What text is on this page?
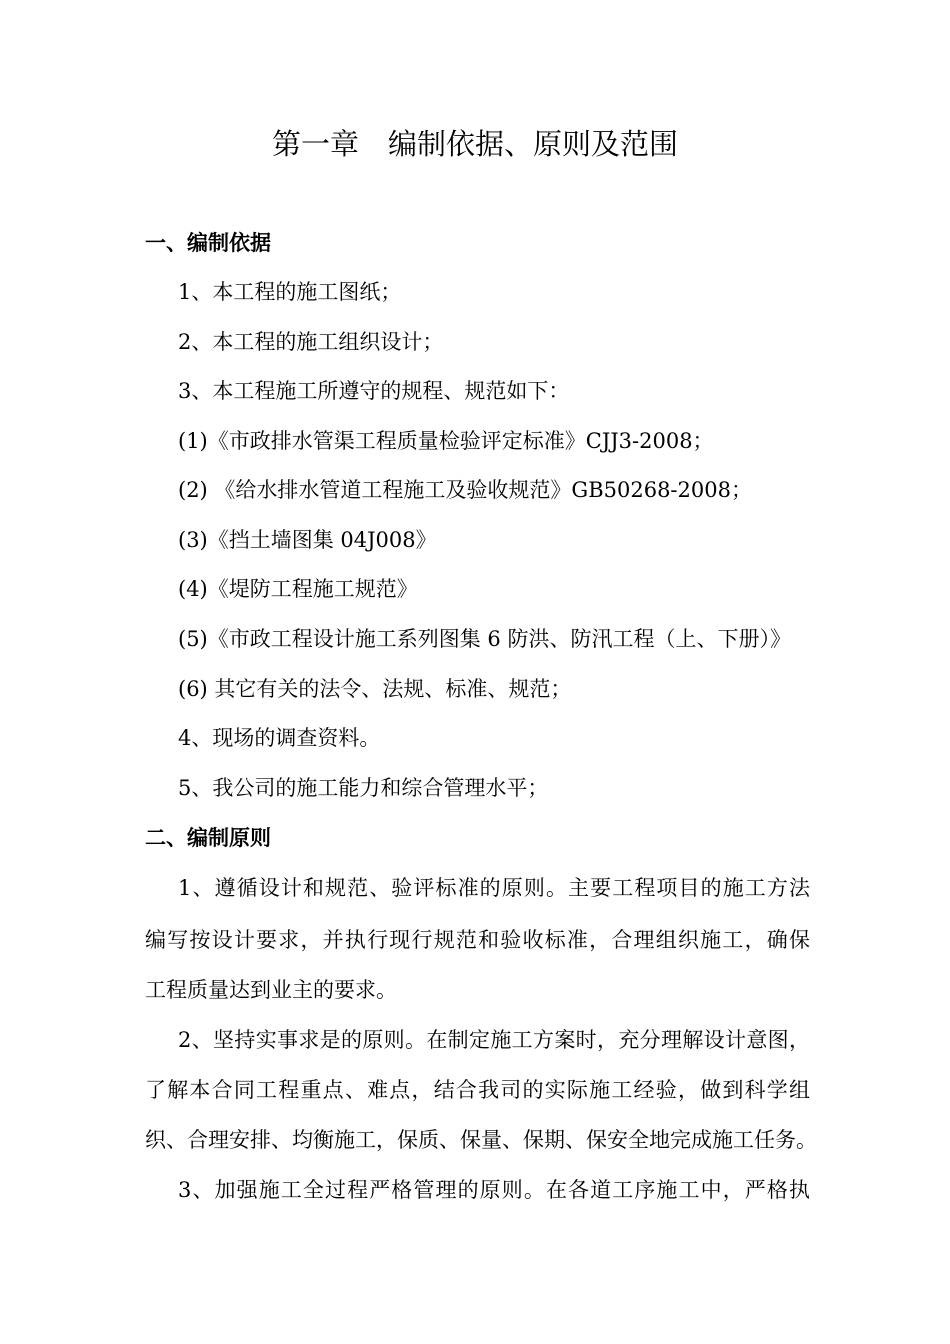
第一章　编制依据、原则及范围
一、编制依据
1、本工程的施工图纸；
2、本工程的施工组织设计；
3、本工程施工所遵守的规程、规范如下：
(1)《市政排水管渠工程质量检验评定标准》CJJ3-2008；
(2) 《给水排水管道工程施工及验收规范》GB50268-2008；
(3)《挡土墙图集 04J008》
(4)《堤防工程施工规范》
(5)《市政工程设计施工系列图集 6 防洪、防汛工程（上、下册）》
(6) 其它有关的法令、法规、标准、规范；
4、现场的调查资料。
5、我公司的施工能力和综合管理水平；
二、编制原则
1、遵循设计和规范、验评标准的原则。主要工程项目的施工方法
编写按设计要求，并执行现行规范和验收标准，合理组织施工，确保
工程质量达到业主的要求。
2、坚持实事求是的原则。在制定施工方案时，充分理解设计意图，
了解本合同工程重点、难点，结合我司的实际施工经验，做到科学组
织、合理安排、均衡施工，保质、保量、保期、保安全地完成施工任务。
3、加强施工全过程严格管理的原则。在各道工序施工中，严格执
